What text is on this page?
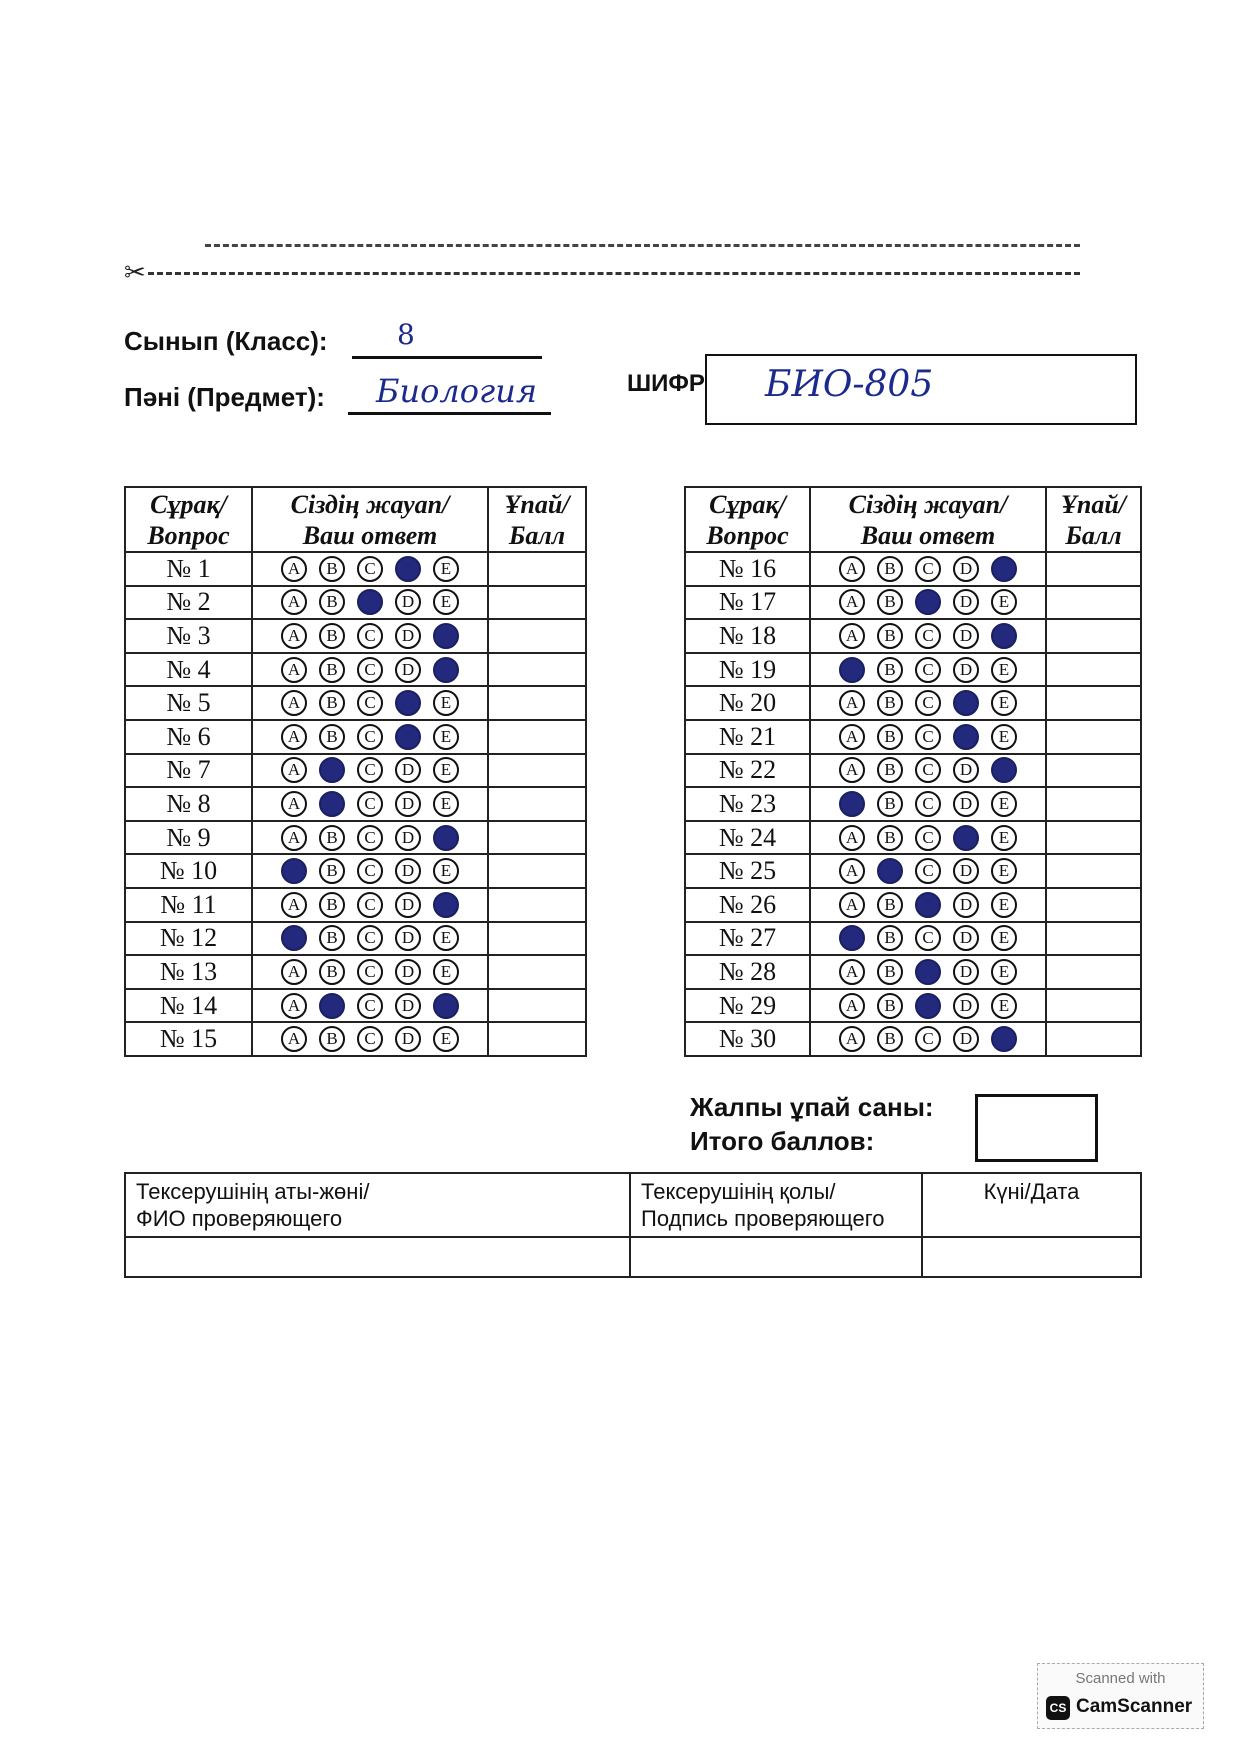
✂
Сынып (Класс): 8
Пәні (Предмет): Биология	ШИФР БИО-805
Сұрақ/
Вопрос	Сіздің жауап/
Ваш ответ	Ұпай/
Балл
№ 1	A B C E	
№ 2	A B D E	
№ 3	A B C D	
№ 4	A B C D	
№ 5	A B C E	
№ 6	A B C E	
№ 7	A C D E	
№ 8	A C D E	
№ 9	A B C D	
№ 10	B C D E	
№ 11	A B C D	
№ 12	B C D E	
№ 13	A B C D E	
№ 14	A C D	
№ 15	A B C D E	
Сұрақ/
Вопрос	Сіздің жауап/
Ваш ответ	Ұпай/
Балл
№ 16	A B C D	
№ 17	A B D E	
№ 18	A B C D	
№ 19	B C D E	
№ 20	A B C E	
№ 21	A B C E	
№ 22	A B C D	
№ 23	B C D E	
№ 24	A B C E	
№ 25	A C D E	
№ 26	A B D E	
№ 27	B C D E	
№ 28	A B D E	
№ 29	A B D E	
№ 30	A B C D	
Жалпы ұпай саны:
Итого баллов:
Тексерушінің аты-жөні/
ФИО проверяющего	Тексерушінің қолы/
Подпись проверяющего	Күні/Дата

Scanned with
CS CamScanner
